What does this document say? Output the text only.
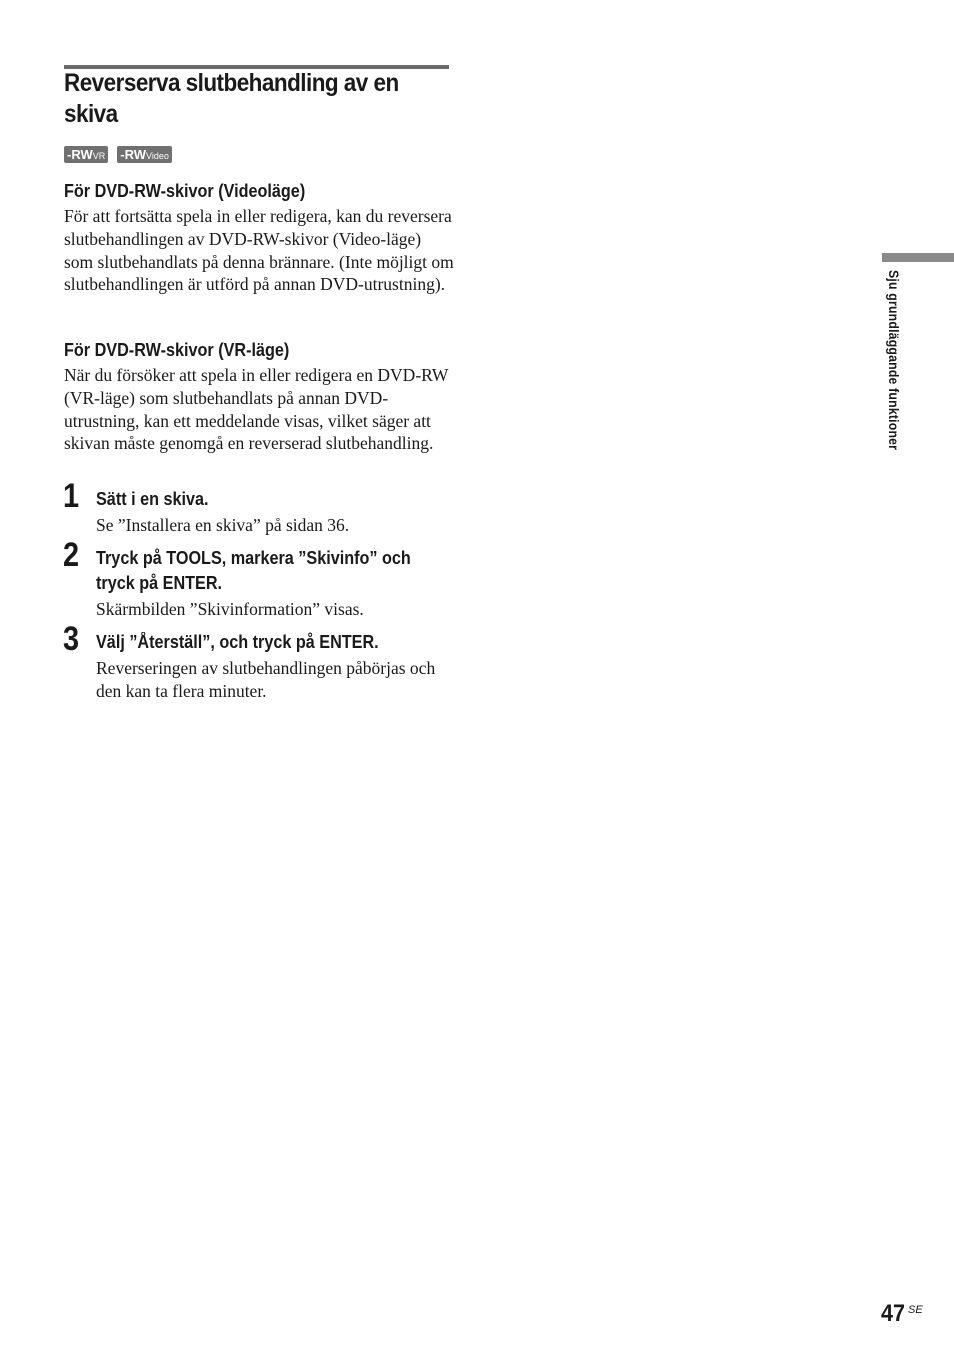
Reverserva slutbehandling av en skiva
-RW VR -RW Video
För DVD-RW-skivor (Videoläge)

För att fortsätta spela in eller redigera, kan du reversera slutbehandlingen av DVD-RW-skivor (Video-läge) som slutbehandlats på denna brännare. (Inte möjligt om slutbehandlingen är utförd på annan DVD-utrustning).

För DVD-RW-skivor (VR-läge)

När du försöker att spela in eller redigera en DVD-RW (VR-läge) som slutbehandlats på annan DVD-utrustning, kan ett meddelande visas, vilket säger att skivan måste genomgå en reverserad slutbehandling.

1 Sätt i en skiva.

Se ”Installera en skiva” på sidan 36.

2 Tryck på TOOLS, markera ”Skivinfo” och tryck på ENTER.

Skärmbilden ”Skivinformation” visas.

3 Välj ”Återställ”, och tryck på ENTER.

Reverseringen av slutbehandlingen påbörjas och den kan ta flera minuter.

Sju grundläggande funktioner
47 SE
